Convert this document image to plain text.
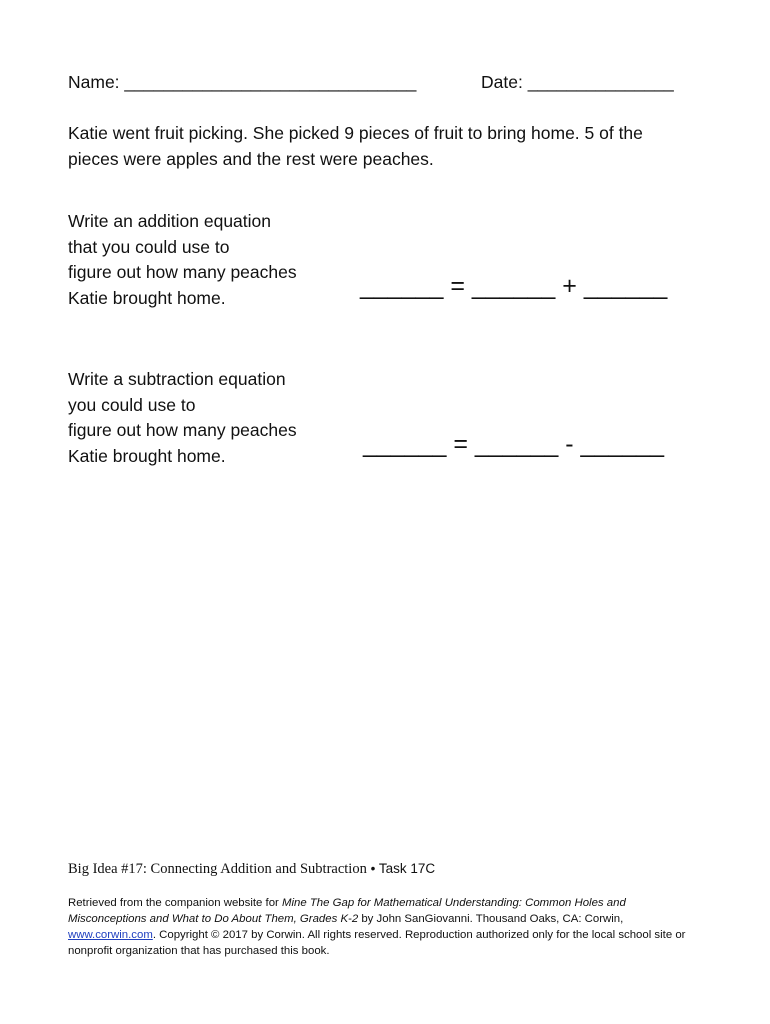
Name: ______________________________	Date: _______________
Katie went fruit picking. She picked 9 pieces of fruit to bring home. 5 of the
pieces were apples and the rest were peaches.
Write an addition equation
that you could use to
figure out how many peaches
Katie brought home.	______ = ______ + ______
Write a subtraction equation
you could use to
figure out how many peaches
Katie brought home.	______ = ______ - ______
Big Idea #17: Connecting Addition and Subtraction • Task 17C
Retrieved from the companion website for Mine The Gap for Mathematical Understanding: Common Holes and
Misconceptions and What to Do About Them, Grades K-2 by John SanGiovanni. Thousand Oaks, CA: Corwin,
www.corwin.com. Copyright © 2017 by Corwin. All rights reserved. Reproduction authorized only for the local school site or
nonprofit organization that has purchased this book.
